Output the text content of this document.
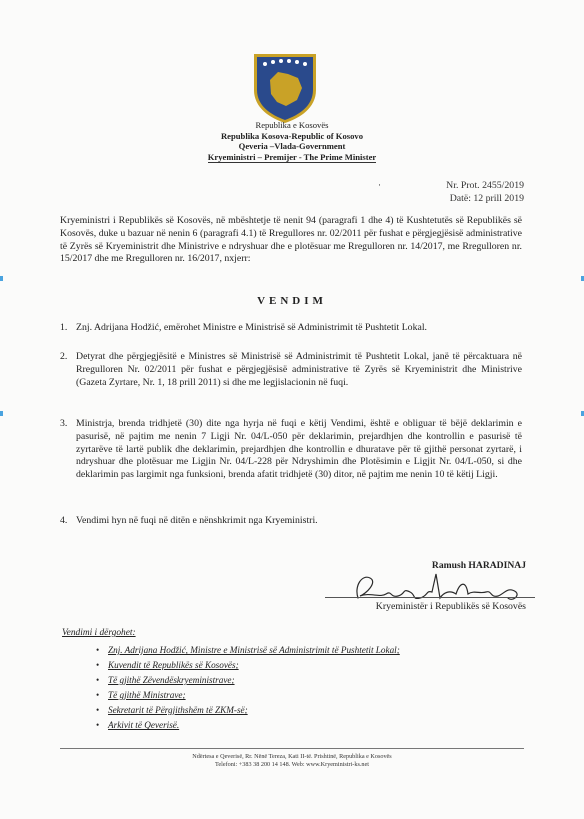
Republika e Kosovës
Republika Kosova-Republic of Kosovo
Qeveria –Vlada-Government
Kryeministri – Premijer - The Prime Minister
·	Nr. Prot. 2455/2019
Datë: 12 prill 2019
Kryeministri i Republikës së Kosovës, në mbështetje të nenit 94 (paragrafi 1 dhe 4) të Kushtetutës së Republikës së Kosovës, duke u bazuar në nenin 6 (paragrafi 4.1) të Rregullores nr. 02/2011 për fushat e përgjegjësisë administrative të Zyrës së Kryeministrit dhe Ministrive e ndryshuar dhe e plotësuar me Rregulloren nr. 14/2017, me Rregulloren nr. 15/2017 dhe me Rregulloren nr. 16/2017, nxjerr:
VENDIM
1. Znj. Adrijana Hodžić, emërohet Ministre e Ministrisë së Administrimit të Pushtetit Lokal.
2. Detyrat dhe përgjegjësitë e Ministres së Ministrisë së Administrimit të Pushtetit Lokal, janë të përcaktuara në Rregulloren Nr. 02/2011 për fushat e përgjegjësisë administrative të Zyrës së Kryeministrit dhe Ministrive (Gazeta Zyrtare, Nr. 1, 18 prill 2011) si dhe me legjislacionin në fuqi.
3. Ministrja, brenda tridhjetë (30) dite nga hyrja në fuqi e këtij Vendimi, është e obliguar të bëjë deklarimin e pasurisë, në pajtim me nenin 7 Ligji Nr. 04/L-050 për deklarimin, prejardhjen dhe kontrollin e pasurisë të zyrtarëve të lartë publik dhe deklarimin, prejardhjen dhe kontrollin e dhuratave për të gjithë personat zyrtarë, i ndryshuar dhe plotësuar me Ligjin Nr. 04/L-228 për Ndryshimin dhe Plotësimin e Ligjit Nr. 04/L-050, si dhe deklarimin pas largimit nga funksioni, brenda afatit tridhjetë (30) ditor, në pajtim me nenin 10 të këtij Ligji.
4. Vendimi hyn në fuqi në ditën e nënshkrimit nga Kryeministri.
Ramush HARADINAJ
Kryeministër i Republikës së Kosovës
Vendimi i dërgohet:
• Znj. Adrijana Hodžić, Ministre e Ministrisë së Administrimit të Pushtetit Lokal;
• Kuvendit të Republikës së Kosovës;
• Të gjithë Zëvendëskryeministrave;
• Të gjithë Ministrave;
• Sekretarit të Përgjithshëm të ZKM-së;
• Arkivit të Qeverisë.
Ndërtesa e Qeverisë, Rr. Nënë Tereza, Kati II-të. Prishtinë, Republika e Kosovës
Telefoni: +383 38 200 14 148. Web: www.Kryeministri-ks.net
